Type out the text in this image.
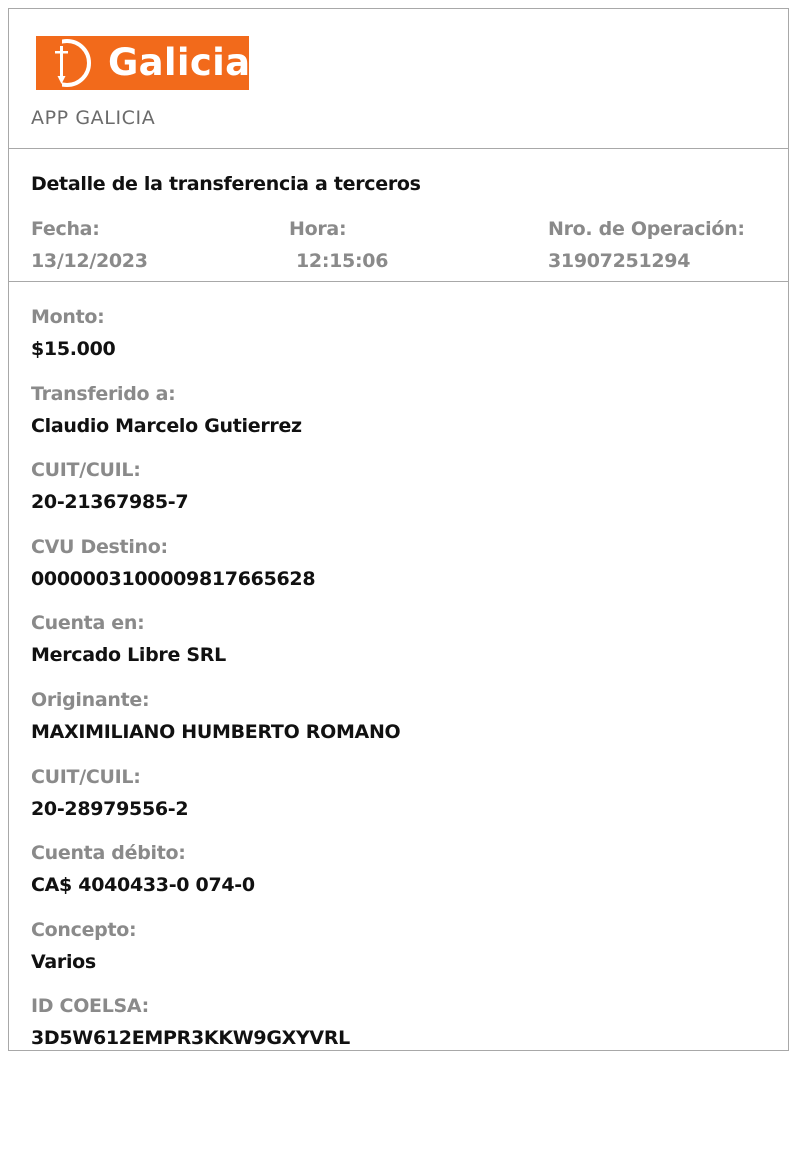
Galicia
APP GALICIA
Detalle de la transferencia a terceros
Fecha:
13/12/2023
Hora:
12:15:06
Nro. de Operación:
31907251294
Monto:
$15.000
Transferido a:
Claudio Marcelo Gutierrez
CUIT/CUIL:
20-21367985-7
CVU Destino:
0000003100009817665628
Cuenta en:
Mercado Libre SRL
Originante:
MAXIMILIANO HUMBERTO ROMANO
CUIT/CUIL:
20-28979556-2
Cuenta débito:
CA$ 4040433-0 074-0
Concepto:
Varios
ID COELSA:
3D5W612EMPR3KKW9GXYVRL
